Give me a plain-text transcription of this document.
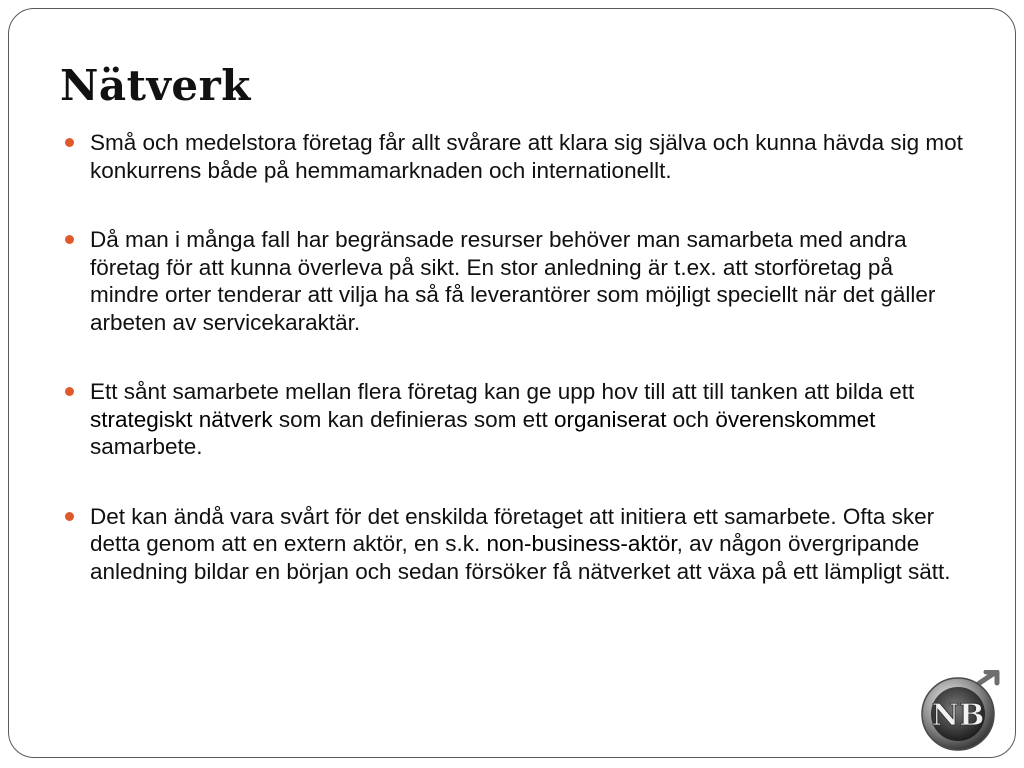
Nätverk
Små och medelstora företag får allt svårare att klara sig själva och kunna hävda sig mot konkurrens både på hemmamarknaden och internationellt.
Då man i många fall har begränsade resurser behöver man samarbeta med andra företag för att kunna överleva på sikt. En stor anledning är t.ex. att storföretag på mindre orter tenderar att vilja ha så få leverantörer som möjligt speciellt när det gäller arbeten av servicekaraktär.
Ett sånt samarbete mellan flera företag kan ge upp hov till att till tanken att bilda ett strategiskt nätverk som kan definieras som ett organiserat och överenskommet samarbete.
Det kan ändå vara svårt för det enskilda företaget att initiera ett samarbete. Ofta sker detta genom att en extern aktör, en s.k. non-business-aktör, av någon övergripande anledning bildar en början och sedan försöker få nätverket att växa på ett lämpligt sätt.
NB
